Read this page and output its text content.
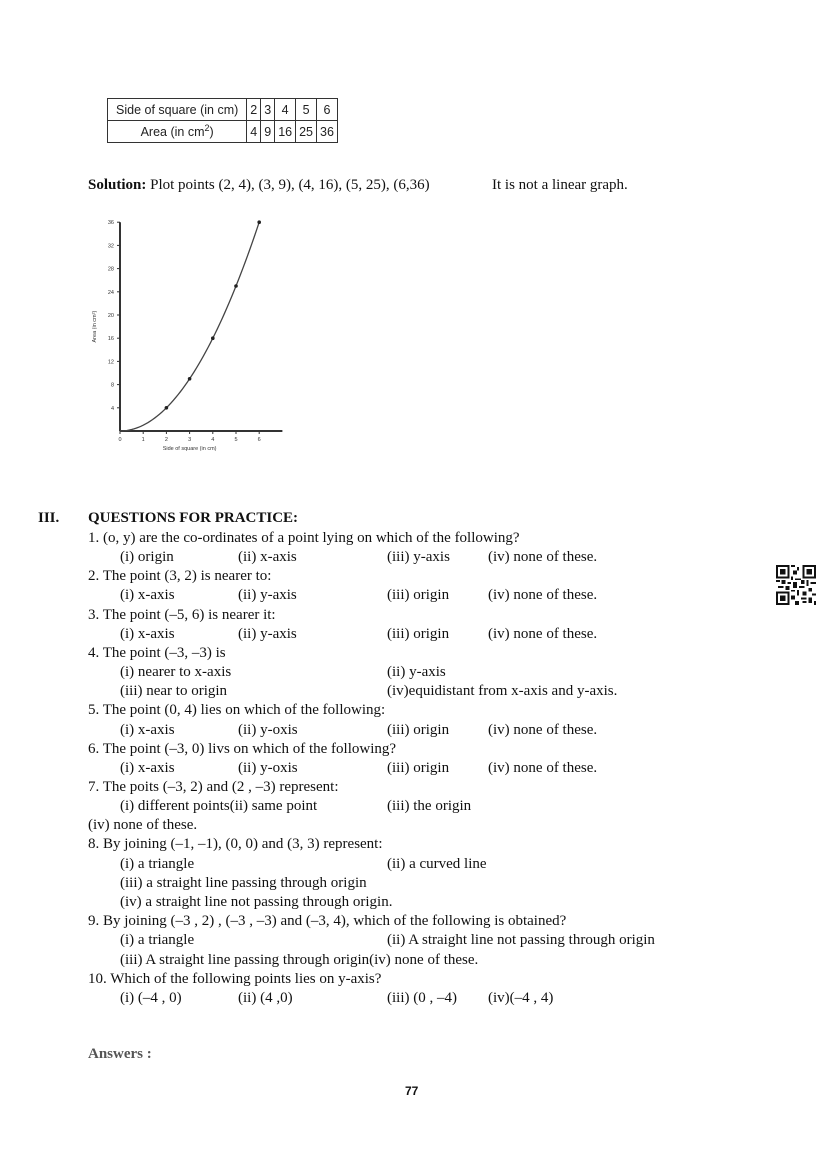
Side of square (in cm)	2	3	4	5	6
Area (in $cm^2$)	4	9	16	25	36
Solution: Plot points (2, 4), (3, 9), (4, 16), (5, 25), (6,36)	It is not a linear graph.
0	1	2	3	4	5	6
4
8
12
16
20
24
28
32
36
Side of square (in cm)
Area (in cm²)
III. QUESTIONS FOR PRACTICE:
1. (o, y) are the co-ordinates of a point lying on which of the following?
(i) origin	(ii) x-axis	(iii) y-axis	(iv) none of these.
2. The point (3, 2) is nearer to:
(i) x-axis	(ii) y-axis	(iii) origin	(iv) none of these.
3. The point (–5, 6) is nearer it:
(i) x-axis	(ii) y-axis	(iii) origin	(iv) none of these.
4. The point (–3, –3) is
(i) nearer to x-axis	(ii) y-axis
(iii) near to origin	(iv)equidistant from x-axis and y-axis.
5. The point (0, 4) lies on which of the following:
(i) x-axis	(ii) y-oxis	(iii) origin	(iv) none of these.
6. The point (–3, 0) livs on which of the following?
(i) x-axis	(ii) y-oxis	(iii) origin	(iv) none of these.
7. The poits (–3, 2) and (2 , –3) represent:
(i) different points(ii) same point	(iii) the origin
(iv) none of these.
8. By joining (–1, –1), (0, 0) and (3, 3) represent:
(i) a triangle	(ii) a curved line
(iii) a straight line passing through origin
(iv) a straight line not passing through origin.
9. By joining (–3 , 2) , (–3 , –3) and (–3, 4), which of the following is obtained?
(i) a triangle	(ii) A straight line not passing through origin
(iii) A straight line passing through origin(iv) none of these.
10. Which of the following points lies on y-axis?
(i) (–4 , 0)	(ii) (4 ,0)	(iii) (0 , –4) (iv)(–4 , 4)
Answers :
77
